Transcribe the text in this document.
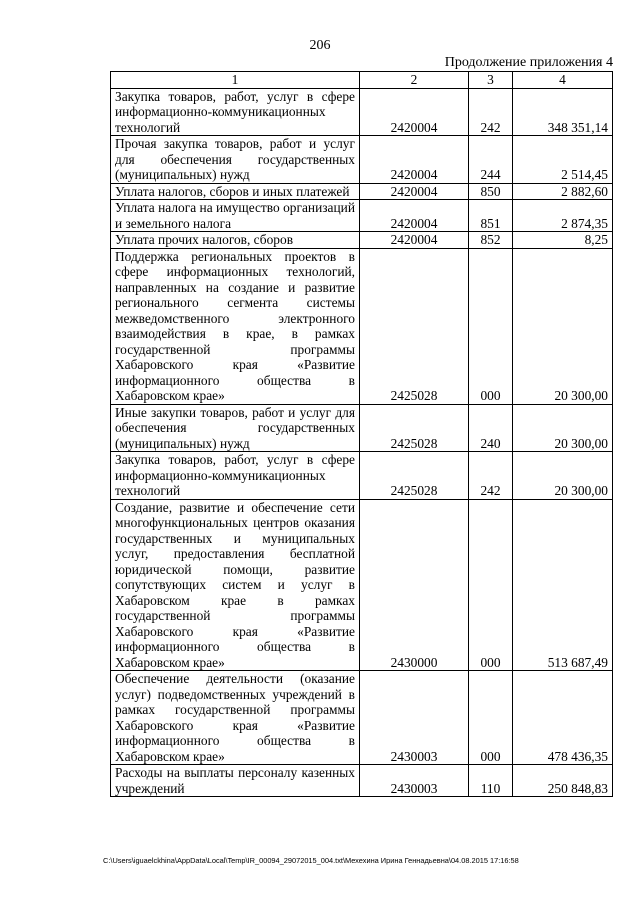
206
Продолжение приложения 4
1	2	3	4
Закупка товаров, работ, услуг в сфере информационно-коммуникационных технологий	2420004	242	348 351,14
Прочая закупка товаров, работ и услуг для обеспечения государственных (муниципальных) нужд	2420004	244	2 514,45
Уплата налогов, сборов и иных платежей	2420004	850	2 882,60
Уплата налога на имущество организаций и земельного налога	2420004	851	2 874,35
Уплата прочих налогов, сборов	2420004	852	8,25
Поддержка региональных проектов в сфере информационных технологий, направленных на создание и развитие регионального сегмента системы межведомственного электронного взаимодействия в крае, в рамках государственной программы Хабаровского края «Развитие информационного общества в Хабаровском крае»	2425028	000	20 300,00
Иные закупки товаров, работ и услуг для обеспечения государственных (муниципальных) нужд	2425028	240	20 300,00
Закупка товаров, работ, услуг в сфере информационно-коммуникационных технологий	2425028	242	20 300,00
Создание, развитие и обеспечение сети многофункциональных центров оказания государственных и муниципальных услуг, предоставления бесплатной юридической помощи, развитие сопутствующих систем и услуг в Хабаровском крае в рамках государственной программы Хабаровского края «Развитие информационного общества в Хабаровском крае»	2430000	000	513 687,49
Обеспечение деятельности (оказание услуг) подведомственных учреждений в рамках государственной программы Хабаровского края «Развитие информационного общества в Хабаровском крае»	2430003	000	478 436,35
Расходы на выплаты персоналу казенных учреждений	2430003	110	250 848,83
C:\Users\iguaelckhina\AppData\Local\Temp\IR_00094_29072015_004.txt\Мехехина Ирина Геннадьевна\04.08.2015 17:16:58
